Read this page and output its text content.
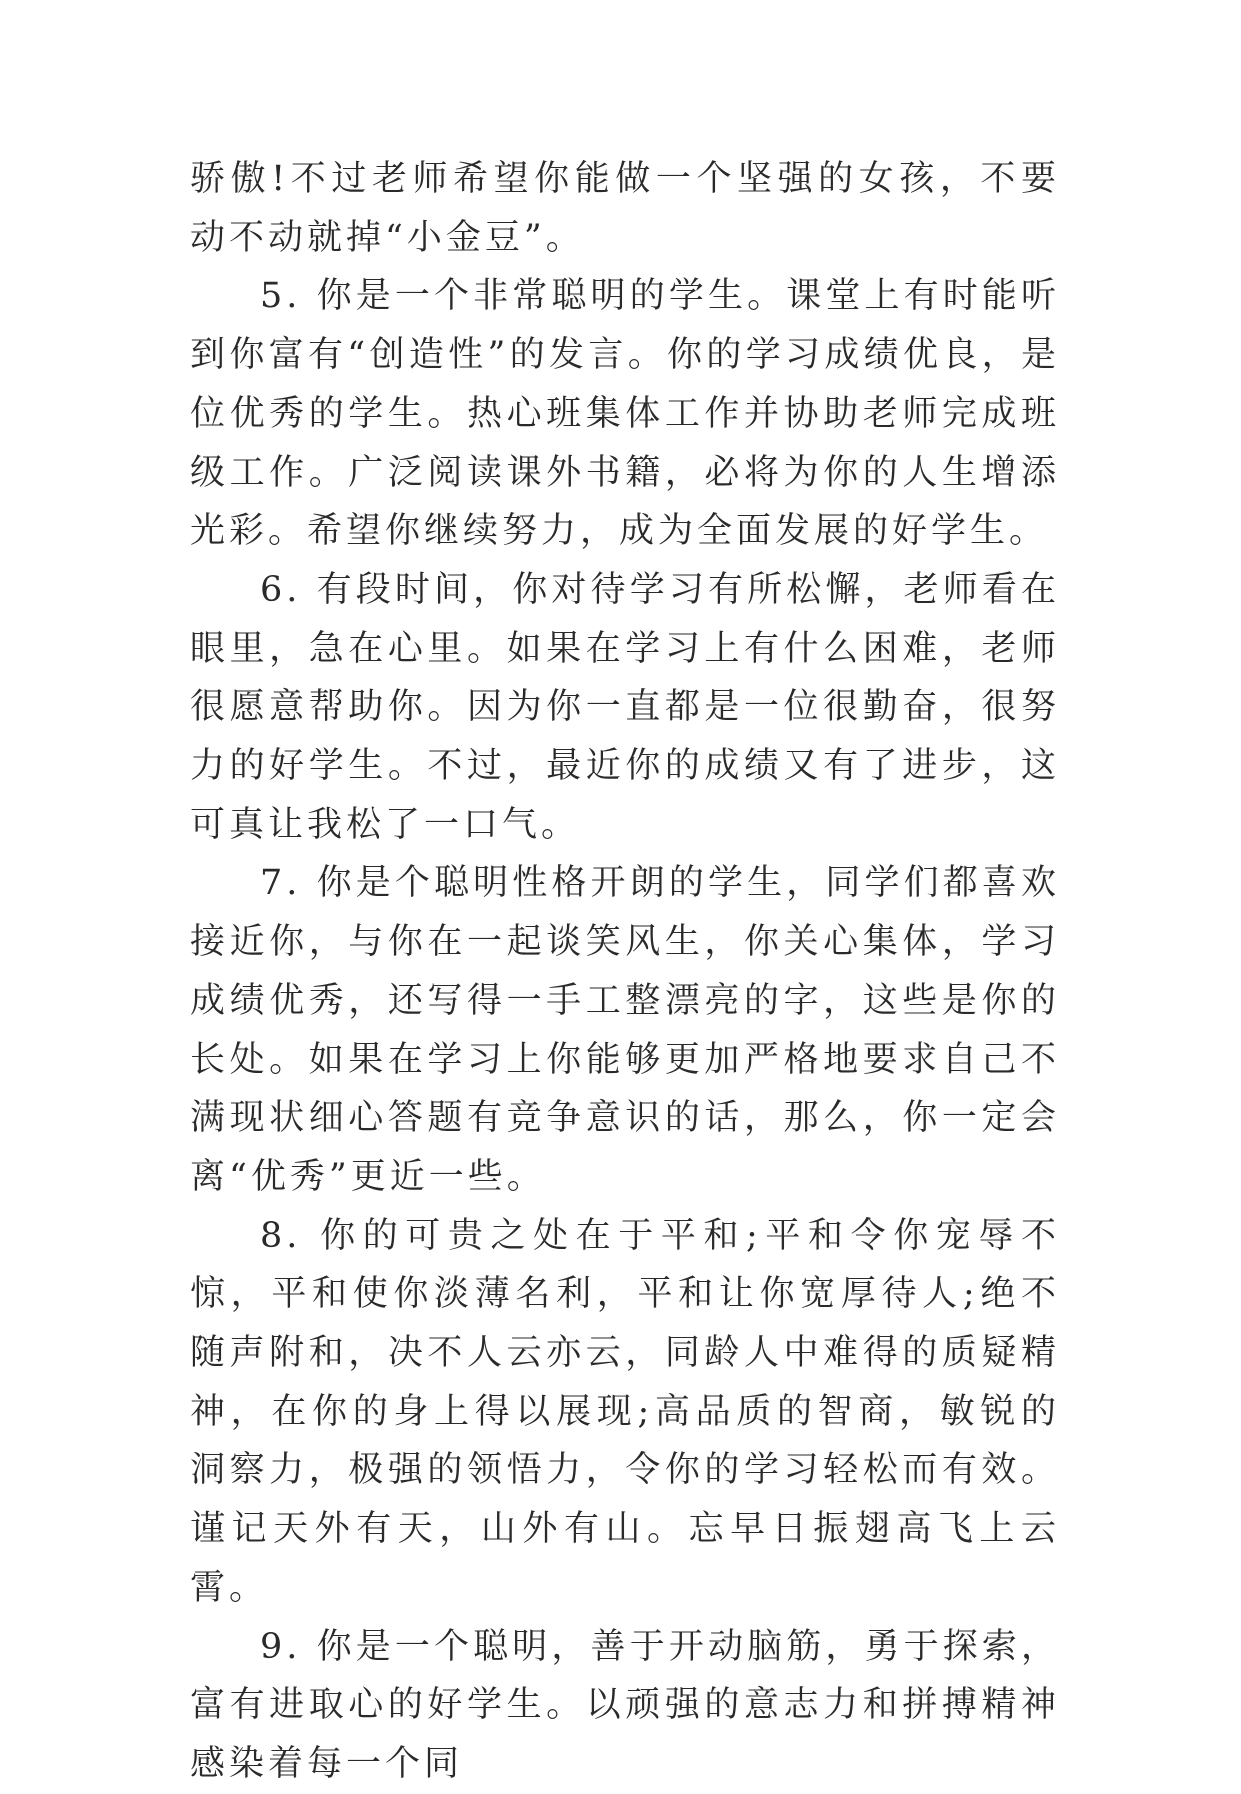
骄傲!不过老师希望你能做一个坚强的女孩，不要动不动就掉“小金豆”。

5. 你是一个非常聪明的学生。课堂上有时能听到你富有“创造性”的发言。你的学习成绩优良，是位优秀的学生。热心班集体工作并协助老师完成班级工作。广泛阅读课外书籍，必将为你的人生增添光彩。希望你继续努力，成为全面发展的好学生。

6. 有段时间，你对待学习有所松懈，老师看在眼里，急在心里。如果在学习上有什么困难，老师很愿意帮助你。因为你一直都是一位很勤奋，很努力的好学生。不过，最近你的成绩又有了进步，这可真让我松了一口气。

7. 你是个聪明性格开朗的学生，同学们都喜欢接近你，与你在一起谈笑风生，你关心集体，学习成绩优秀，还写得一手工整漂亮的字，这些是你的长处。如果在学习上你能够更加严格地要求自己不满现状细心答题有竞争意识的话，那么，你一定会离“优秀”更近一些。

8. 你的可贵之处在于平和;平和令你宠辱不惊，平和使你淡薄名利，平和让你宽厚待人;绝不随声附和，决不人云亦云，同龄人中难得的质疑精神，在你的身上得以展现;高品质的智商，敏锐的洞察力，极强的领悟力，令你的学习轻松而有效。谨记天外有天，山外有山。忘早日振翅高飞上云霄。

9. 你是一个聪明，善于开动脑筋，勇于探索，富有进取心的好学生。以顽强的意志力和拼搏精神感染着每一个同
